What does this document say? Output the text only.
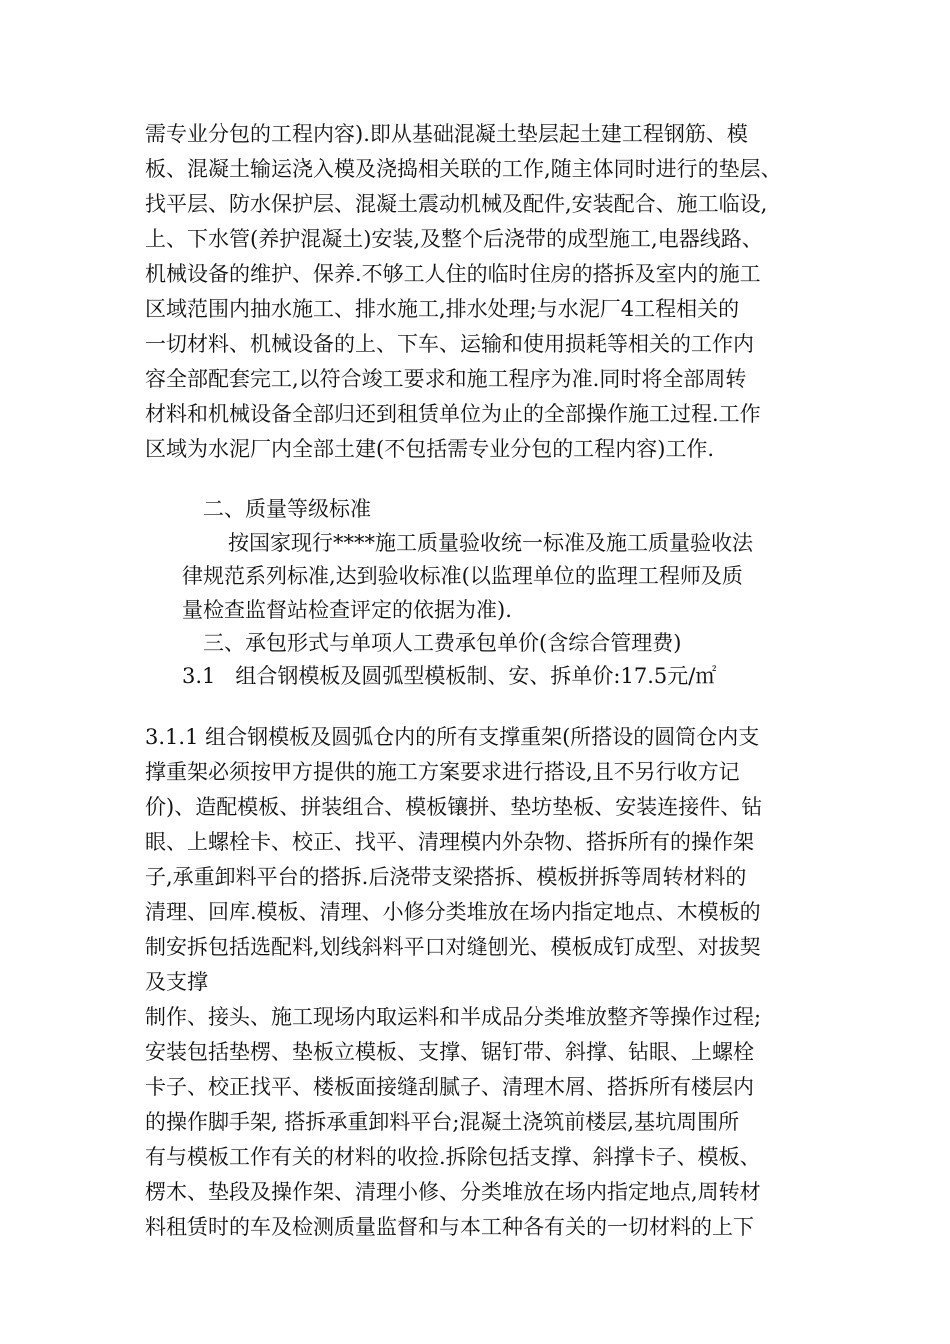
需专业分包的工程内容).即从基础混凝土垫层起土建工程钢筋、模
板、混凝土输运浇入模及浇捣相关联的工作,随主体同时进行的垫层、
找平层、防水保护层、混凝土震动机械及配件,安装配合、施工临设,
上、下水管(养护混凝土)安装,及整个后浇带的成型施工,电器线路、
机械设备的维护、保养.不够工人住的临时住房的搭拆及室内的施工
区域范围内抽水施工、排水施工,排水处理;与水泥厂4工程相关的
一切材料、机械设备的上、下车、运输和使用损耗等相关的工作内
容全部配套完工,以符合竣工要求和施工程序为准.同时将全部周转
材料和机械设备全部归还到租赁单位为止的全部操作施工过程.工作
区域为水泥厂内全部土建(不包括需专业分包的工程内容)工作.
二、质量等级标准
按国家现行****施工质量验收统一标准及施工质量验收法
律规范系列标准,达到验收标准(以监理单位的监理工程师及质
量检查监督站检查评定的依据为准).
三、承包形式与单项人工费承包单价(含综合管理费)
3.1   组合钢模板及圆弧型模板制、安、拆单价:17.5元/㎡
3.1.1 组合钢模板及圆弧仓内的所有支撑重架(所搭设的圆筒仓内支
撑重架必须按甲方提供的施工方案要求进行搭设,且不另行收方记
价)、造配模板、拼装组合、模板镶拼、垫坊垫板、安装连接件、钻
眼、上螺栓卡、校正、找平、清理模内外杂物、搭拆所有的操作架
子,承重卸料平台的搭拆.后浇带支梁搭拆、模板拼拆等周转材料的
清理、回库.模板、清理、小修分类堆放在场内指定地点、木模板的
制安拆包括选配料,划线斜料平口对缝刨光、模板成钉成型、对拔契
及支撑
制作、接头、施工现场内取运料和半成品分类堆放整齐等操作过程;
安装包括垫楞、垫板立模板、支撑、锯钉带、斜撑、钻眼、上螺栓
卡子、校正找平、楼板面接缝刮腻子、清理木屑、搭拆所有楼层内
的操作脚手架, 搭拆承重卸料平台;混凝土浇筑前楼层,基坑周围所
有与模板工作有关的材料的收捡.拆除包括支撑、斜撑卡子、模板、
楞木、垫段及操作架、清理小修、分类堆放在场内指定地点,周转材
料租赁时的车及检测质量监督和与本工种各有关的一切材料的上下
